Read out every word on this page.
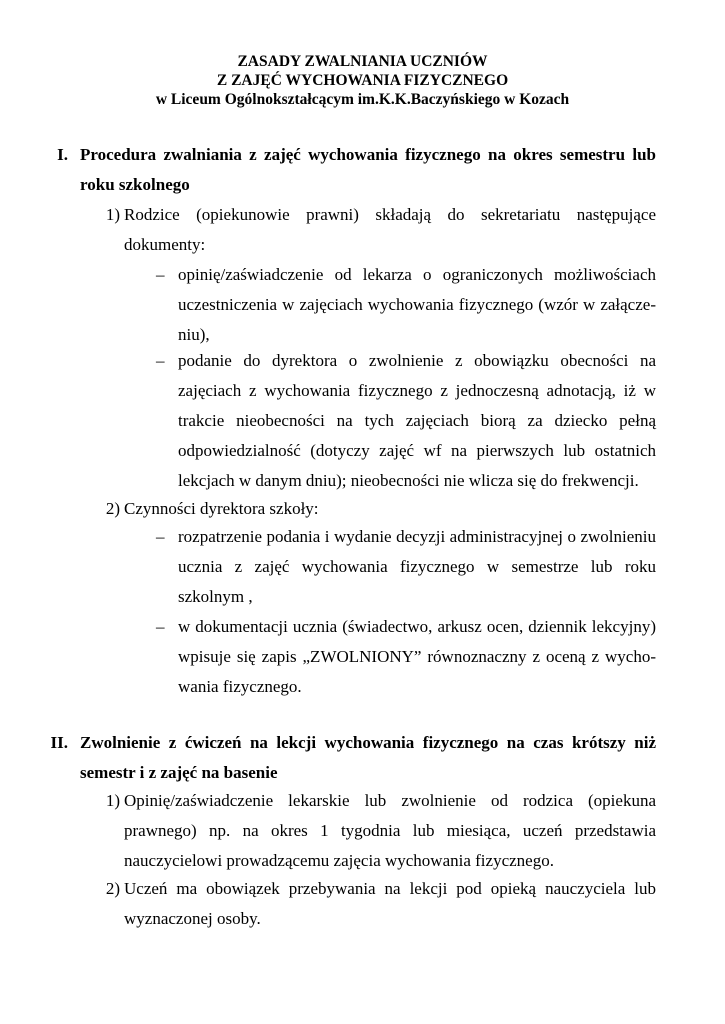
ZASADY ZWALNIANIA UCZNIÓW
Z ZAJĘĆ WYCHOWANIA FIZYCZNEGO
w Liceum Ogólnokształcącym im.K.K.Baczyńskiego w Kozach
I. Procedura zwalniania z zajęć wychowania fizycznego na okres semestru lub roku szkolnego
1) Rodzice (opiekunowie prawni) składają do sekretariatu następujące dokumenty:
– opinię/zaświadczenie od lekarza o ograniczonych możliwościach uczestniczenia w zajęciach wychowania fizycznego (wzór w załączeniu),
– podanie do dyrektora o zwolnienie z obowiązku obecności na zajęciach z wychowania fizycznego z jednoczesną adnotacją, iż w trakcie nieobecności na tych zajęciach biorą za dziecko pełną odpowiedzialność (dotyczy zajęć wf na pierwszych lub ostatnich lekcjach w danym dniu); nieobecności nie wlicza się do frekwencji.
2) Czynności dyrektora szkoły:
– rozpatrzenie podania i wydanie decyzji administracyjnej o zwolnieniu ucznia z zajęć wychowania fizycznego w semestrze lub roku szkolnym ,
– w dokumentacji ucznia (świadectwo, arkusz ocen, dziennik lekcyjny) wpisuje się zapis „ZWOLNIONY” równoznaczny z oceną z wychowania fizycznego.
II. Zwolnienie z ćwiczeń na lekcji wychowania fizycznego na czas krótszy niż semestr i z zajęć na basenie
1) Opinię/zaświadczenie lekarskie lub zwolnienie od rodzica (opiekuna prawnego) np. na okres 1 tygodnia lub miesiąca, uczeń przedstawia nauczycielowi prowadzącemu zajęcia wychowania fizycznego.
2) Uczeń ma obowiązek przebywania na lekcji pod opieką nauczyciela lub wyznaczonej osoby.
